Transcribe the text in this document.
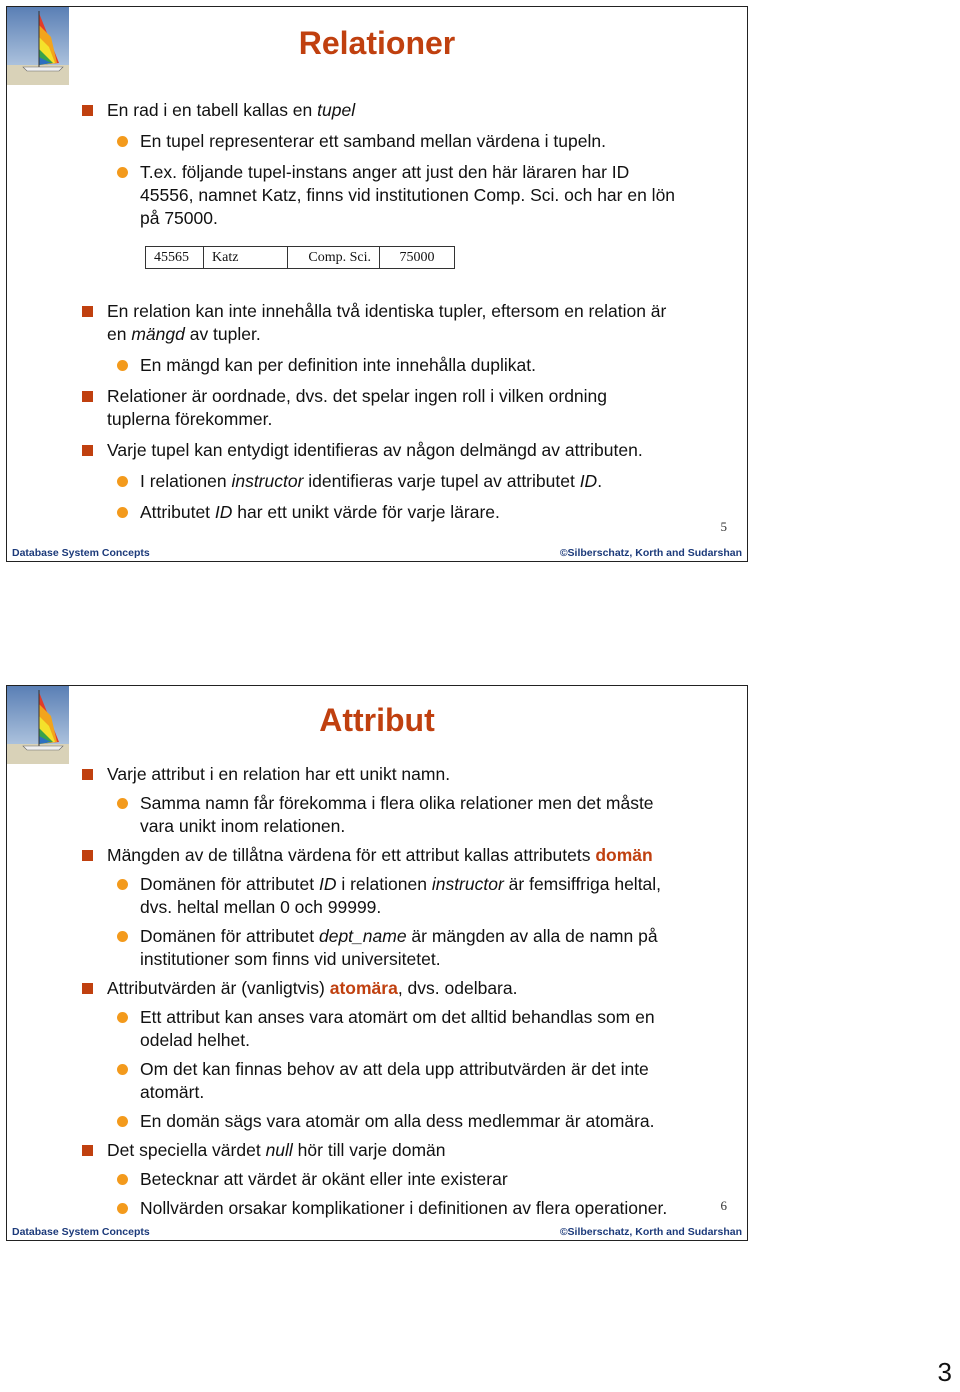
Relationer
En rad i en tabell kallas en tupel
En tupel representerar ett samband mellan värdena i tupeln.
T.ex. följande tupel-instans anger att just den här läraren har ID
45556, namnet Katz, finns vid institutionen Comp. Sci. och har en lön
på 75000.
45565	Katz	Comp. Sci.	75000
En relation kan inte innehålla två identiska tupler, eftersom en relation är
en mängd av tupler.
En mängd kan per definition inte innehålla duplikat.
Relationer är oordnade, dvs. det spelar ingen roll i vilken ordning
tuplerna förekommer.
Varje tupel kan entydigt identifieras av någon delmängd av attributen.
I relationen instructor identifieras varje tupel av attributet ID.
Attributet ID har ett unikt värde för varje lärare.
5
Database System Concepts	©Silberschatz, Korth and Sudarshan
Attribut
Varje attribut i en relation har ett unikt namn.
Samma namn får förekomma i flera olika relationer men det måste
vara unikt inom relationen.
Mängden av de tillåtna värdena för ett attribut kallas attributets domän
Domänen för attributet ID i relationen instructor är femsiffriga heltal,
dvs. heltal mellan 0 och 99999.
Domänen för attributet dept_name är mängden av alla de namn på
institutioner som finns vid universitetet.
Attributvärden är (vanligtvis) atomära, dvs. odelbara.
Ett attribut kan anses vara atomärt om det alltid behandlas som en
odelad helhet.
Om det kan finnas behov av att dela upp attributvärden är det inte
atomärt.
En domän sägs vara atomär om alla dess medlemmar är atomära.
Det speciella värdet null hör till varje domän
Betecknar att värdet är okänt eller inte existerar
Nollvärden orsakar komplikationer i definitionen av flera operationer.	6
Database System Concepts	©Silberschatz, Korth and Sudarshan
3
